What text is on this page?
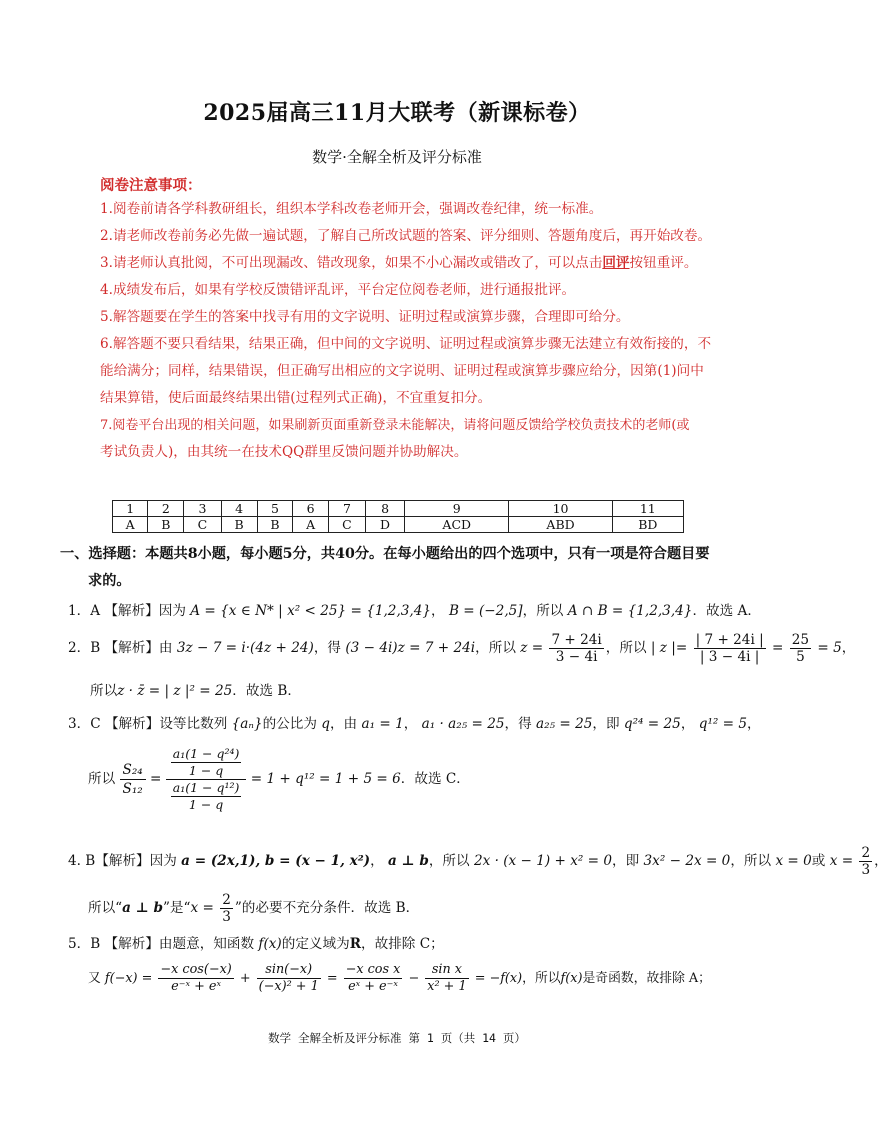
2025届高三11月大联考（新课标卷）
数学·全解全析及评分标准
阅卷注意事项：
1.阅卷前请各学科教研组长，组织本学科改卷老师开会，强调改卷纪律，统一标准。
2.请老师改卷前务必先做一遍试题，了解自己所改试题的答案、评分细则、答题角度后，再开始改卷。
3.请老师认真批阅，不可出现漏改、错改现象，如果不小心漏改或错改了，可以点击回评按钮重评。
4.成绩发布后，如果有学校反馈错评乱评，平台定位阅卷老师，进行通报批评。
5.解答题要在学生的答案中找寻有用的文字说明、证明过程或演算步骤，合理即可给分。
6.解答题不要只看结果，结果正确，但中间的文字说明、证明过程或演算步骤无法建立有效衔接的，不
能给满分；同样，结果错误，但正确写出相应的文字说明、证明过程或演算步骤应给分，因第(1)问中
结果算错，使后面最终结果出错(过程列式正确)，不宜重复扣分。
7.阅卷平台出现的相关问题，如果刷新页面重新登录未能解决，请将问题反馈给学校负责技术的老师(或
考试负责人)，由其统一在技术QQ群里反馈问题并协助解决。
1	2	3	4	5	6	7	8	9	10	11
A	B	C	B	B	A	C	D	ACD	ABD	BD
一、选择题：本题共8小题，每小题5分，共40分。在每小题给出的四个选项中，只有一项是符合题目要
求的。
1．A 【解析】因为 A = {x ∈ N* | x² < 25} = {1,2,3,4}， B = (−2,5]，所以 A ∩ B = {1,2,3,4}．故选 A．
2．B 【解析】由 3z − 7 = i·(4z + 24)，得 (3 − 4i)z = 7 + 24i，所以 $z = \frac{7 + 24i}{3 - 4i}$ ，所以 | z |= $\frac{| 7 + 24i |}{| 3 - 4i |} = \frac{25}{5} = 5$，
所以z · z̄ = | z |² = 25．故选 B．
3．C 【解析】设等比数列 {aₙ}的公比为 q，由 a₁ = 1， a₁ · a₂₅ = 25，得 a₂₅ = 25，即 q²⁴ = 25， q¹² = 5，
所以 $\frac{\text{S₂₄}}{\text{S₁₂}} = \frac{\frac{\text{a₁(1 − q²⁴)}}{1 - q}}{\frac{\text{a₁(1 − q¹²)}}{1 - q}} = 1 + q^{12} = 1 + 5 = 6$．故选 C．
4. B【解析】因为 a = (2x,1), b = (x − 1, x²)， a ⊥ b，所以 2x · (x − 1) + x² = 0，即 3x² − 2x = 0，所以 x = 0或 $x = \frac{2}{3}$ ，
所以“a ⊥ b”是“$x = \frac{2}{3}$ ”的必要不充分条件．故选 B．
5．B 【解析】由题意，知函数 f(x)的定义域为R，故排除 C；
又 $f(-x) = \frac{\text{−x cos(−x)}}{\text{e⁻ˣ + eˣ}} + \frac{\sin(-x)}{\text{(−x)² + 1}} = \frac{\text{−x cos x}}{\text{eˣ + e⁻ˣ}} - \frac{\text{sin x}}{\text{x² + 1}} = -f(x)$，所以f(x)是奇函数，故排除 A；
数学 全解全析及评分标准 第 1 页（共 14 页）
